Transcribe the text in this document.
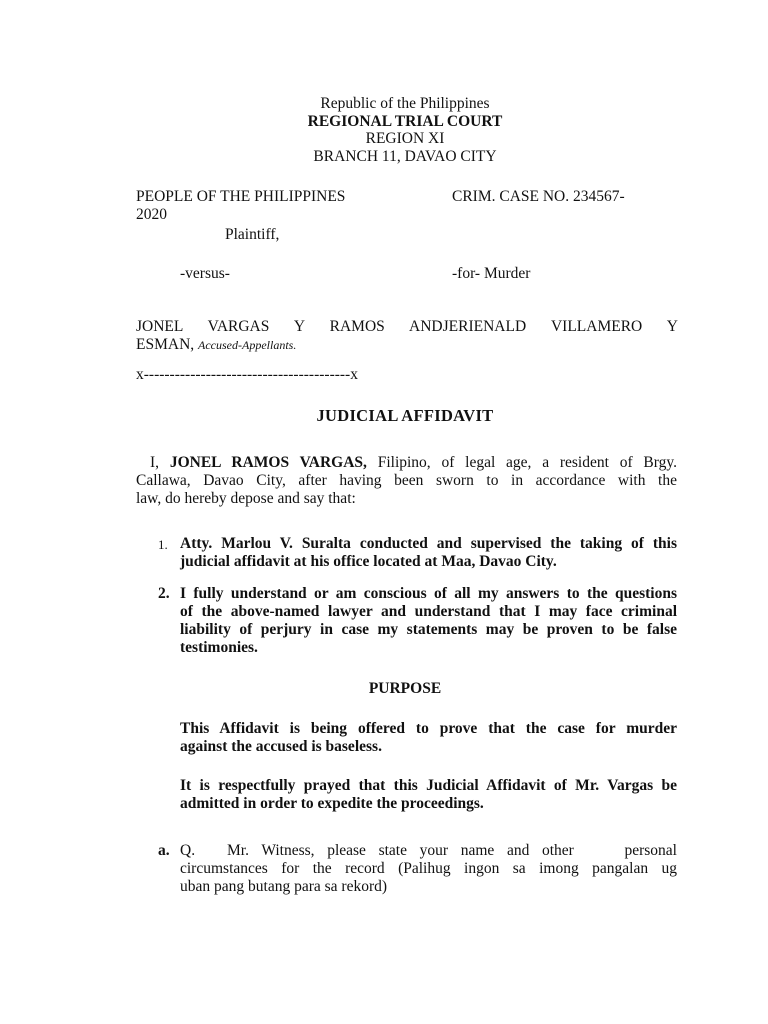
Republic of the Philippines
REGIONAL TRIAL COURT
REGION XI
BRANCH 11, DAVAO CITY
PEOPLE OF THE PHILIPPINES	CRIM. CASE NO. 234567-
2020
Plaintiff,
-versus-	-for- Murder
JONEL VARGAS Y RAMOS ANDJERIENALD VILLAMERO Y
ESMAN, Accused-Appellants.
x----------------------------------------x
JUDICIAL AFFIDAVIT
I, JONEL RAMOS VARGAS, Filipino, of legal age, a resident of Brgy.
Callawa, Davao City, after having been sworn to in accordance with the
law, do hereby depose and say that:
1. Atty. Marlou V. Suralta conducted and supervised the taking of this
judicial affidavit at his office located at Maa, Davao City.
2. I fully understand or am conscious of all my answers to the questions
of the above-named lawyer and understand that I may face criminal
liability of perjury in case my statements may be proven to be false
testimonies.
PURPOSE
This Affidavit is being offered to prove that the case for murder
against the accused is baseless.
It is respectfully prayed that this Judicial Affidavit of Mr. Vargas be
admitted in order to expedite the proceedings.
a. Q. Mr. Witness, please state your name and other    personal
circumstances for the record (Palihug ingon sa imong pangalan ug
uban pang butang para sa rekord)
